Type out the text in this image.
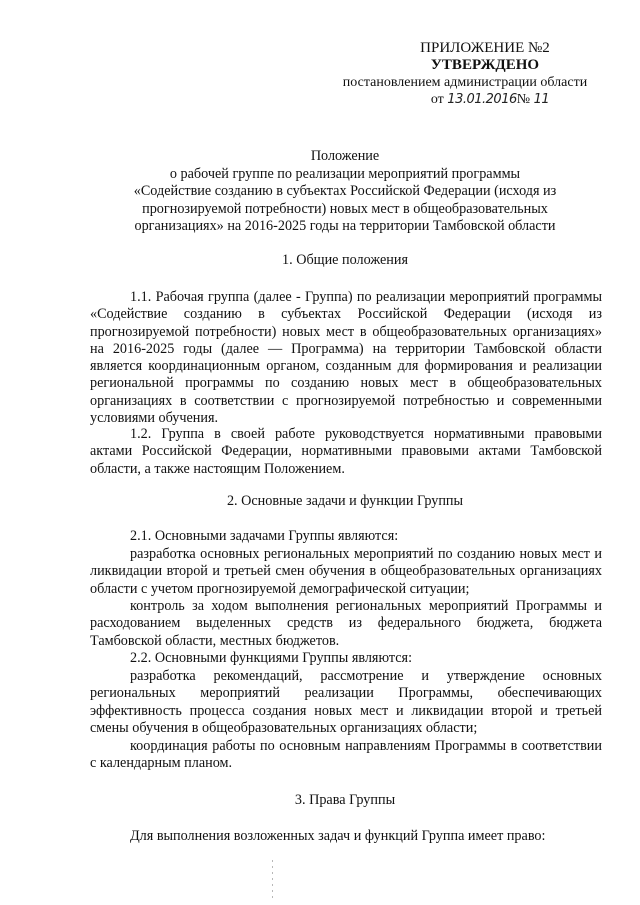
ПРИЛОЖЕНИЕ №2
УТВЕРЖДЕНО
постановлением администрации области
от 13.01.2016№ 11
Положение
о рабочей группе по реализации мероприятий программы
«Содействие созданию в субъектах Российской Федерации (исходя из
прогнозируемой потребности) новых мест в общеобразовательных
организациях» на 2016-2025 годы на территории Тамбовской области
1. Общие положения
1.1. Рабочая группа (далее - Группа) по реализации мероприятий программы «Содействие созданию в субъектах Российской Федерации (исходя из прогнозируемой потребности) новых мест в общеобразовательных организациях» на 2016-2025 годы (далее — Программа) на территории Тамбовской области является координационным органом, созданным для формирования и реализации региональной программы по созданию новых мест в общеобразовательных организациях в соответствии с прогнозируемой потребностью и современными условиями обучения.
1.2. Группа в своей работе руководствуется нормативными правовыми актами Российской Федерации, нормативными правовыми актами Тамбовской области, а также настоящим Положением.
2. Основные задачи и функции Группы
2.1. Основными задачами Группы являются:
разработка основных региональных мероприятий по созданию новых мест и ликвидации второй и третьей смен обучения в общеобразовательных организациях области с учетом прогнозируемой демографической ситуации;
контроль за ходом выполнения региональных мероприятий Программы и расходованием выделенных средств из федерального бюджета, бюджета Тамбовской области, местных бюджетов.
2.2. Основными функциями Группы являются:
разработка рекомендаций, рассмотрение и утверждение основных региональных мероприятий реализации Программы, обеспечивающих эффективность процесса создания новых мест и ликвидации второй и третьей смены обучения в общеобразовательных организациях области;
координация работы по основным направлениям Программы в соответствии с календарным планом.
3. Права Группы
Для выполнения возложенных задач и функций Группа имеет право:
